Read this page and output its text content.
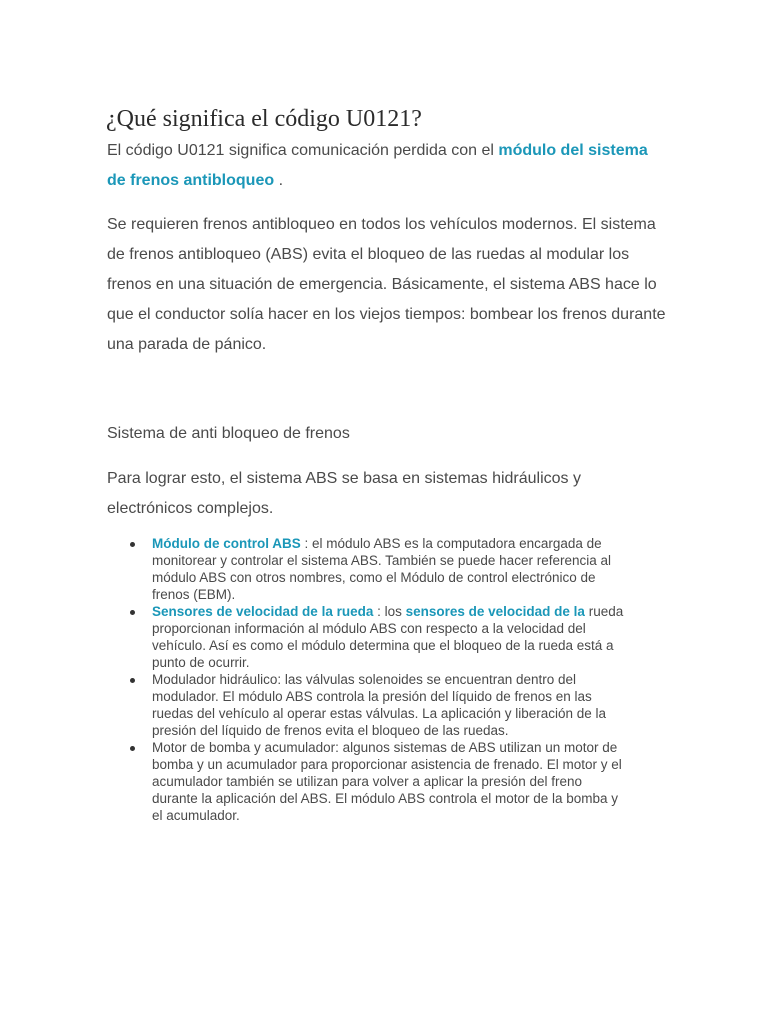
¿Qué significa el código U0121?

El código U0121 significa comunicación perdida con el módulo del sistema de frenos antibloqueo .

Se requieren frenos antibloqueo en todos los vehículos modernos. El sistema de frenos antibloqueo (ABS) evita el bloqueo de las ruedas al modular los frenos en una situación de emergencia. Básicamente, el sistema ABS hace lo que el conductor solía hacer en los viejos tiempos: bombear los frenos durante una parada de pánico.

Sistema de anti bloqueo de frenos

Para lograr esto, el sistema ABS se basa en sistemas hidráulicos y electrónicos complejos.

Módulo de control ABS : el módulo ABS es la computadora encargada de monitorear y controlar el sistema ABS. También se puede hacer referencia al módulo ABS con otros nombres, como el Módulo de control electrónico de frenos (EBM).
Sensores de velocidad de la rueda : los sensores de velocidad de la rueda proporcionan información al módulo ABS con respecto a la velocidad del vehículo. Así es como el módulo determina que el bloqueo de la rueda está a punto de ocurrir.
Modulador hidráulico: las válvulas solenoides se encuentran dentro del modulador. El módulo ABS controla la presión del líquido de frenos en las ruedas del vehículo al operar estas válvulas. La aplicación y liberación de la presión del líquido de frenos evita el bloqueo de las ruedas.
Motor de bomba y acumulador: algunos sistemas de ABS utilizan un motor de bomba y un acumulador para proporcionar asistencia de frenado. El motor y el acumulador también se utilizan para volver a aplicar la presión del freno durante la aplicación del ABS. El módulo ABS controla el motor de la bomba y el acumulador.
